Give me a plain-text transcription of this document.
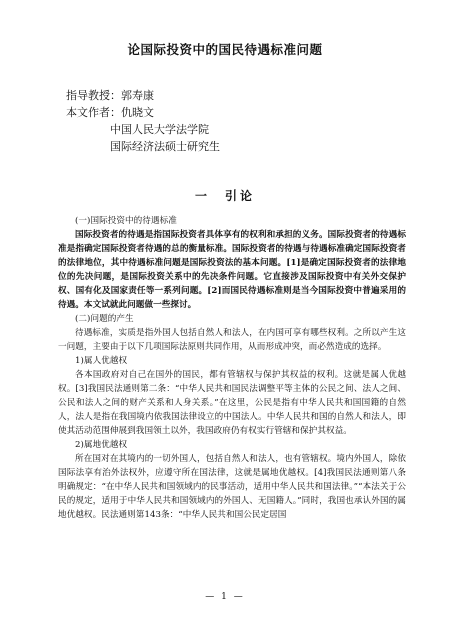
论国际投资中的国民待遇标准问题
指导教授：郭寿康
本文作者：仇晓文
中国人民大学法学院
国际经济法硕士研究生
一　引论

(一)国际投资中的待遇标准

国际投资者的待遇是指国际投资者具体享有的权利和承担的义务。国际投资者的待遇标准是指确定国际投资者待遇的总的衡量标准。国际投资者的待遇与待遇标准确定国际投资者的法律地位，其中待遇标准问题是国际投资法的基本问题。[1]是确定国际投资者的法律地位的先决问题，是国际投资关系中的先决条件问题。它直接涉及国际投资中有关外交保护权、国有化及国家责任等一系列问题。[2]而国民待遇标准则是当今国际投资中普遍采用的待遇。本文试就此问题做一些探讨。

(二)问题的产生

待遇标准，实质是指外国人包括自然人和法人，在内国可享有哪些权利。之所以产生这一问题，主要由于以下几项国际法原则共同作用，从而形成冲突，而必然造成的选择。

1)属人优越权

各本国政府对自己在国外的国民，都有管辖权与保护其权益的权利。这就是属人优越权。[3]我国民法通则第二条：“中华人民共和国民法调整平等主体的公民之间、法人之间、公民和法人之间的财产关系和人身关系。”在这里，公民是指有中华人民共和国国籍的自然人，法人是指在我国境内依我国法律设立的中国法人。中华人民共和国的自然人和法人，即使其活动范围伸展到我国领土以外，我国政府仍有权实行管辖和保护其权益。

2)属地优越权

所在国对在其境内的一切外国人，包括自然人和法人，也有管辖权。境内外国人，除依国际法享有治外法权外，应遵守所在国法律，这就是属地优越权。[4]我国民法通则第八条明确规定：“在中华人民共和国领域内的民事活动，适用中华人民共和国法律。”“本法关于公民的规定，适用于中华人民共和国领域内的外国人、无国籍人。”同时，我国也承认外国的属地优越权。民法通则第143条：“中华人民共和国公民定居国

— 1 —
